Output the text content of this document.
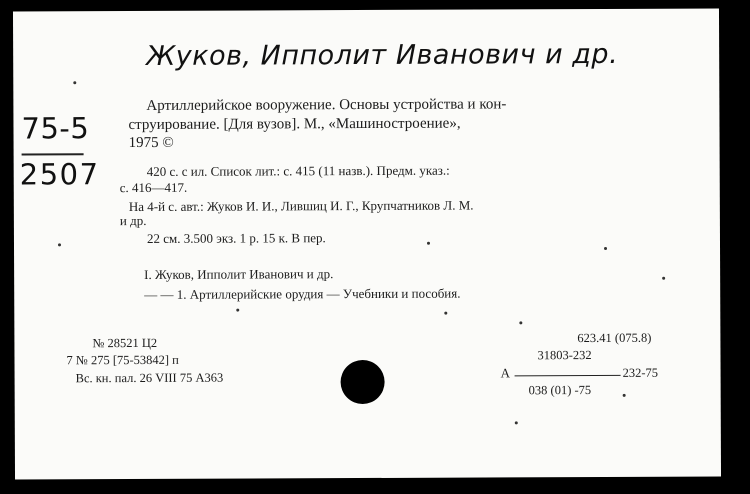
Жуков, Ипполит Иванович и др.
75-5
2507
Артиллерийское вооружение. Основы устройства и кон-
струирование. [Для вузов]. М., «Машиностроение»,
1975 ©
420 с. с ил. Список лит.: с. 415 (11 назв.). Предм. указ.:
с. 416—417.
На 4-й с. авт.: Жуков И. И., Лившиц И. Г., Крупчатников Л. М.
и др.
22 см. 3.500 экз. 1 р. 15 к. В пер.
I. Жуков, Ипполит Иванович и др.
— — 1. Артиллерийские орудия — Учебники и пособия.
№ 28521 Ц2
7 № 275 [75-53842] п
Вс. кн. пал. 26 VIII 75 А363
623.41 (075.8)
31803-232
А	232-75
038 (01) -75
